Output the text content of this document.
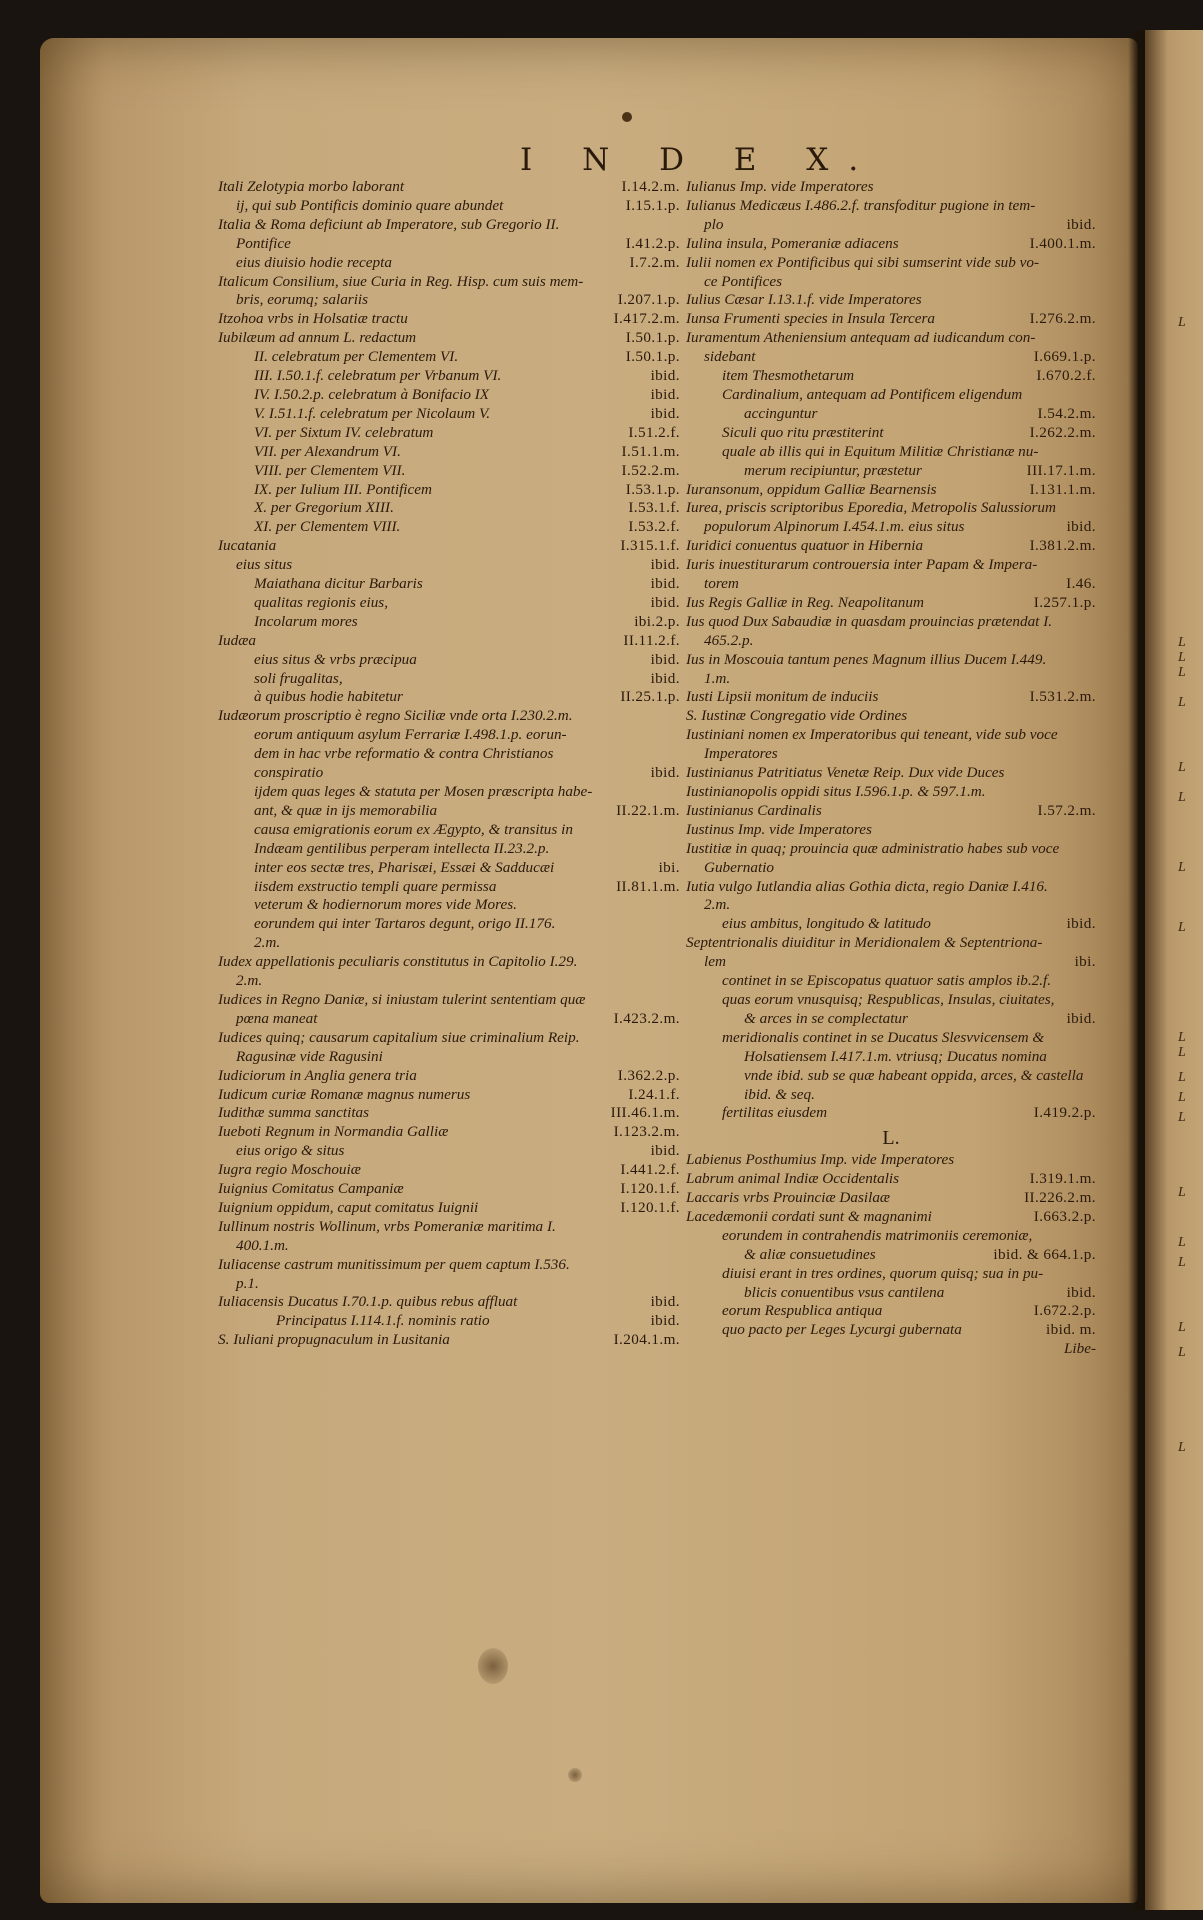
I N D E X.
Itali Zelotypia morbo laborant	I.14.2.m.
ij, qui sub Pontificis dominio quare abundet	I.15.1.p.
Italia & Roma deficiunt ab Imperatore, sub Gregorio II.
Pontifice	I.41.2.p.
eius diuisio hodie recepta	I.7.2.m.
Italicum Consilium, siue Curia in Reg. Hisp. cum suis mem-
bris, eorumq; salariis	I.207.1.p.
Itzohoa vrbs in Holsatiæ tractu	I.417.2.m.
Iubilæum ad annum L. redactum	I.50.1.p.
II. celebratum per Clementem VI.	I.50.1.p.
III. I.50.1.f. celebratum per Vrbanum VI.	ibid.
IV. I.50.2.p. celebratum à Bonifacio IX	ibid.
V. I.51.1.f. celebratum per Nicolaum V.	ibid.
VI. per Sixtum IV. celebratum	I.51.2.f.
VII. per Alexandrum VI.	I.51.1.m.
VIII. per Clementem VII.	I.52.2.m.
IX. per Iulium III. Pontificem	I.53.1.p.
X. per Gregorium XIII.	I.53.1.f.
XI. per Clementem VIII.	I.53.2.f.
Iucatania	I.315.1.f.
eius situs	ibid.
Maiathana dicitur Barbaris	ibid.
qualitas regionis eius,	ibid.
Incolarum mores	ibi.2.p.
Iudæa	II.11.2.f.
eius situs & vrbs præcipua	ibid.
soli frugalitas,	ibid.
à quibus hodie habitetur	II.25.1.p.
Iudæorum proscriptio è regno Siciliæ vnde orta I.230.2.m.
eorum antiquum asylum Ferrariæ I.498.1.p. eorun-
dem in hac vrbe reformatio & contra Christianos
conspiratio	ibid.
ijdem quas leges & statuta per Mosen præscripta habe-
ant, & quæ in ijs memorabilia	II.22.1.m.
causa emigrationis eorum ex Ægypto, & transitus in
Indæam gentilibus perperam intellecta II.23.2.p.
inter eos sectæ tres, Pharisæi, Essæi & Sadducæi	ibi.
iisdem exstructio templi quare permissa	II.81.1.m.
veterum & hodiernorum mores vide Mores.
eorundem qui inter Tartaros degunt, origo II.176.
2.m.
Iudex appellationis peculiaris constitutus in Capitolio I.29.
2.m.
Iudices in Regno Daniæ, si iniustam tulerint sententiam quæ
pœna maneat	I.423.2.m.
Iudices quinq; causarum capitalium siue criminalium Reip.
Ragusinæ vide Ragusini
Iudiciorum in Anglia genera tria	I.362.2.p.
Iudicum curiæ Romanæ magnus numerus	I.24.1.f.
Iudithæ summa sanctitas	III.46.1.m.
Iueboti Regnum in Normandia Galliæ	I.123.2.m.
eius origo & situs	ibid.
Iugra regio Moschouiæ	I.441.2.f.
Iuignius Comitatus Campaniæ	I.120.1.f.
Iuignium oppidum, caput comitatus Iuignii	I.120.1.f.
Iullinum nostris Wollinum, vrbs Pomeraniæ maritima I.
400.1.m.
Iuliacense castrum munitissimum per quem captum I.536.
p.1.
Iuliacensis Ducatus I.70.1.p. quibus rebus affluat	ibid.
Principatus I.114.1.f. nominis ratio	ibid.
S. Iuliani propugnaculum in Lusitania	I.204.1.m.
Iulianus Imp. vide Imperatores
Iulianus Medicæus I.486.2.f. transfoditur pugione in tem-
plo	ibid.
Iulina insula, Pomeraniæ adiacens	I.400.1.m.
Iulii nomen ex Pontificibus qui sibi sumserint vide sub vo-
ce Pontifices
Iulius Cæsar I.13.1.f. vide Imperatores
Iunsa Frumenti species in Insula Tercera	I.276.2.m.
Iuramentum Atheniensium antequam ad iudicandum con-
sidebant	I.669.1.p.
item Thesmothetarum	I.670.2.f.
Cardinalium, antequam ad Pontificem eligendum
accinguntur	I.54.2.m.
Siculi quo ritu præstiterint	I.262.2.m.
quale ab illis qui in Equitum Militiæ Christianæ nu-
merum recipiuntur, præstetur	III.17.1.m.
Iuransonum, oppidum Galliæ Bearnensis	I.131.1.m.
Iurea, priscis scriptoribus Eporedia, Metropolis Salussiorum
populorum Alpinorum I.454.1.m. eius situs	ibid.
Iuridici conuentus quatuor in Hibernia	I.381.2.m.
Iuris inuestiturarum controuersia inter Papam & Impera-
torem	I.46.
Ius Regis Galliæ in Reg. Neapolitanum	I.257.1.p.
Ius quod Dux Sabaudiæ in quasdam prouincias prætendat I.
465.2.p.
Ius in Moscouia tantum penes Magnum illius Ducem I.449.
1.m.
Iusti Lipsii monitum de induciis	I.531.2.m.
S. Iustinæ Congregatio vide Ordines
Iustiniani nomen ex Imperatoribus qui teneant, vide sub voce
Imperatores
Iustinianus Patritiatus Venetæ Reip. Dux vide Duces
Iustinianopolis oppidi situs I.596.1.p. & 597.1.m.
Iustinianus Cardinalis	I.57.2.m.
Iustinus Imp. vide Imperatores
Iustitiæ in quaq; prouincia quæ administratio habes sub voce
Gubernatio
Iutia vulgo Iutlandia alias Gothia dicta, regio Daniæ I.416.
2.m.
eius ambitus, longitudo & latitudo	ibid.
Septentrionalis diuiditur in Meridionalem & Septentriona-
lem	ibi.
continet in se Episcopatus quatuor satis amplos ib.2.f.
quas eorum vnusquisq; Respublicas, Insulas, ciuitates,
& arces in se complectatur	ibid.
meridionalis continet in se Ducatus Slesvvicensem &
Holsatiensem I.417.1.m. vtriusq; Ducatus nomina
vnde ibid. sub se quæ habeant oppida, arces, & castella
ibid. & seq.
fertilitas eiusdem	I.419.2.p.
L.
Labienus Posthumius Imp. vide Imperatores
Labrum animal Indiæ Occidentalis	I.319.1.m.
Laccaris vrbs Prouinciæ Dasilaæ	II.226.2.m.
Lacedæmonii cordati sunt & magnanimi	I.663.2.p.
eorundem in contrahendis matrimoniis ceremoniæ,
& aliæ consuetudines	ibid. & 664.1.p.
diuisi erant in tres ordines, quorum quisq; sua in pu-
blicis conuentibus vsus cantilena	ibid.
eorum Respublica antiqua	I.672.2.p.
quo pacto per Leges Lycurgi gubernata	ibid. m.
Libe-
L
L
L
L
L
L
L
L
L
L
L
L
L
L
L
L
L
L
L
L
